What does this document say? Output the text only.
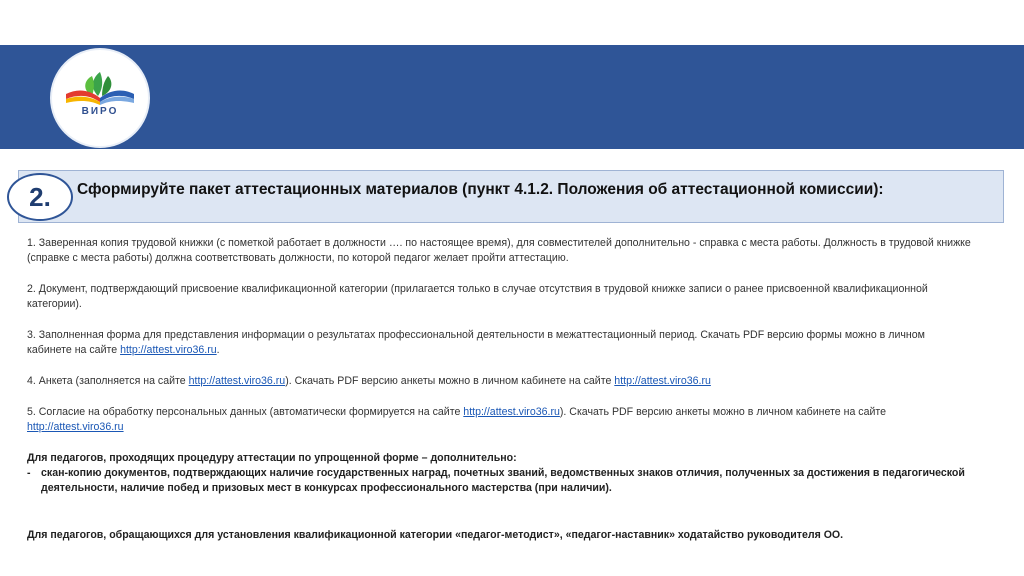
ВИРО
2.	Сформируйте пакет аттестационных материалов (пункт 4.1.2. Положения об аттестационной комиссии):

1. Заверенная копия трудовой книжки (с пометкой работает в должности …. по настоящее время), для совместителей дополнительно - справка с места работы. Должность в трудовой книжке (справке с места работы) должна соответствовать должности, по которой педагог желает пройти аттестацию.

2. Документ, подтверждающий присвоение квалификационной категории (прилагается только в случае отсутствия в трудовой книжке записи о ранее присвоенной квалификационной категории).

3. Заполненная форма для представления информации о результатах профессиональной деятельности в межаттестационный период. Скачать PDF версию формы можно в личном кабинете на сайте http://attest.viro36.ru.

4. Анкета (заполняется на сайте http://attest.viro36.ru). Скачать PDF версию анкеты можно в личном кабинете на сайте http://attest.viro36.ru

5. Согласие на обработку персональных данных (автоматически формируется на сайте http://attest.viro36.ru). Скачать PDF версию анкеты можно в личном кабинете на сайте http://attest.viro36.ru

Для педагогов, проходящих процедуру аттестации по упрощенной форме – дополнительно:

- скан-копию документов, подтверждающих наличие государственных наград, почетных званий, ведомственных знаков отличия, полученных за достижения в педагогической деятельности, наличие побед и призовых мест в конкурсах профессионального мастерства (при наличии).

Для педагогов, обращающихся для установления квалификационной категории «педагог-методист», «педагог-наставник» ходатайство руководителя ОО.
